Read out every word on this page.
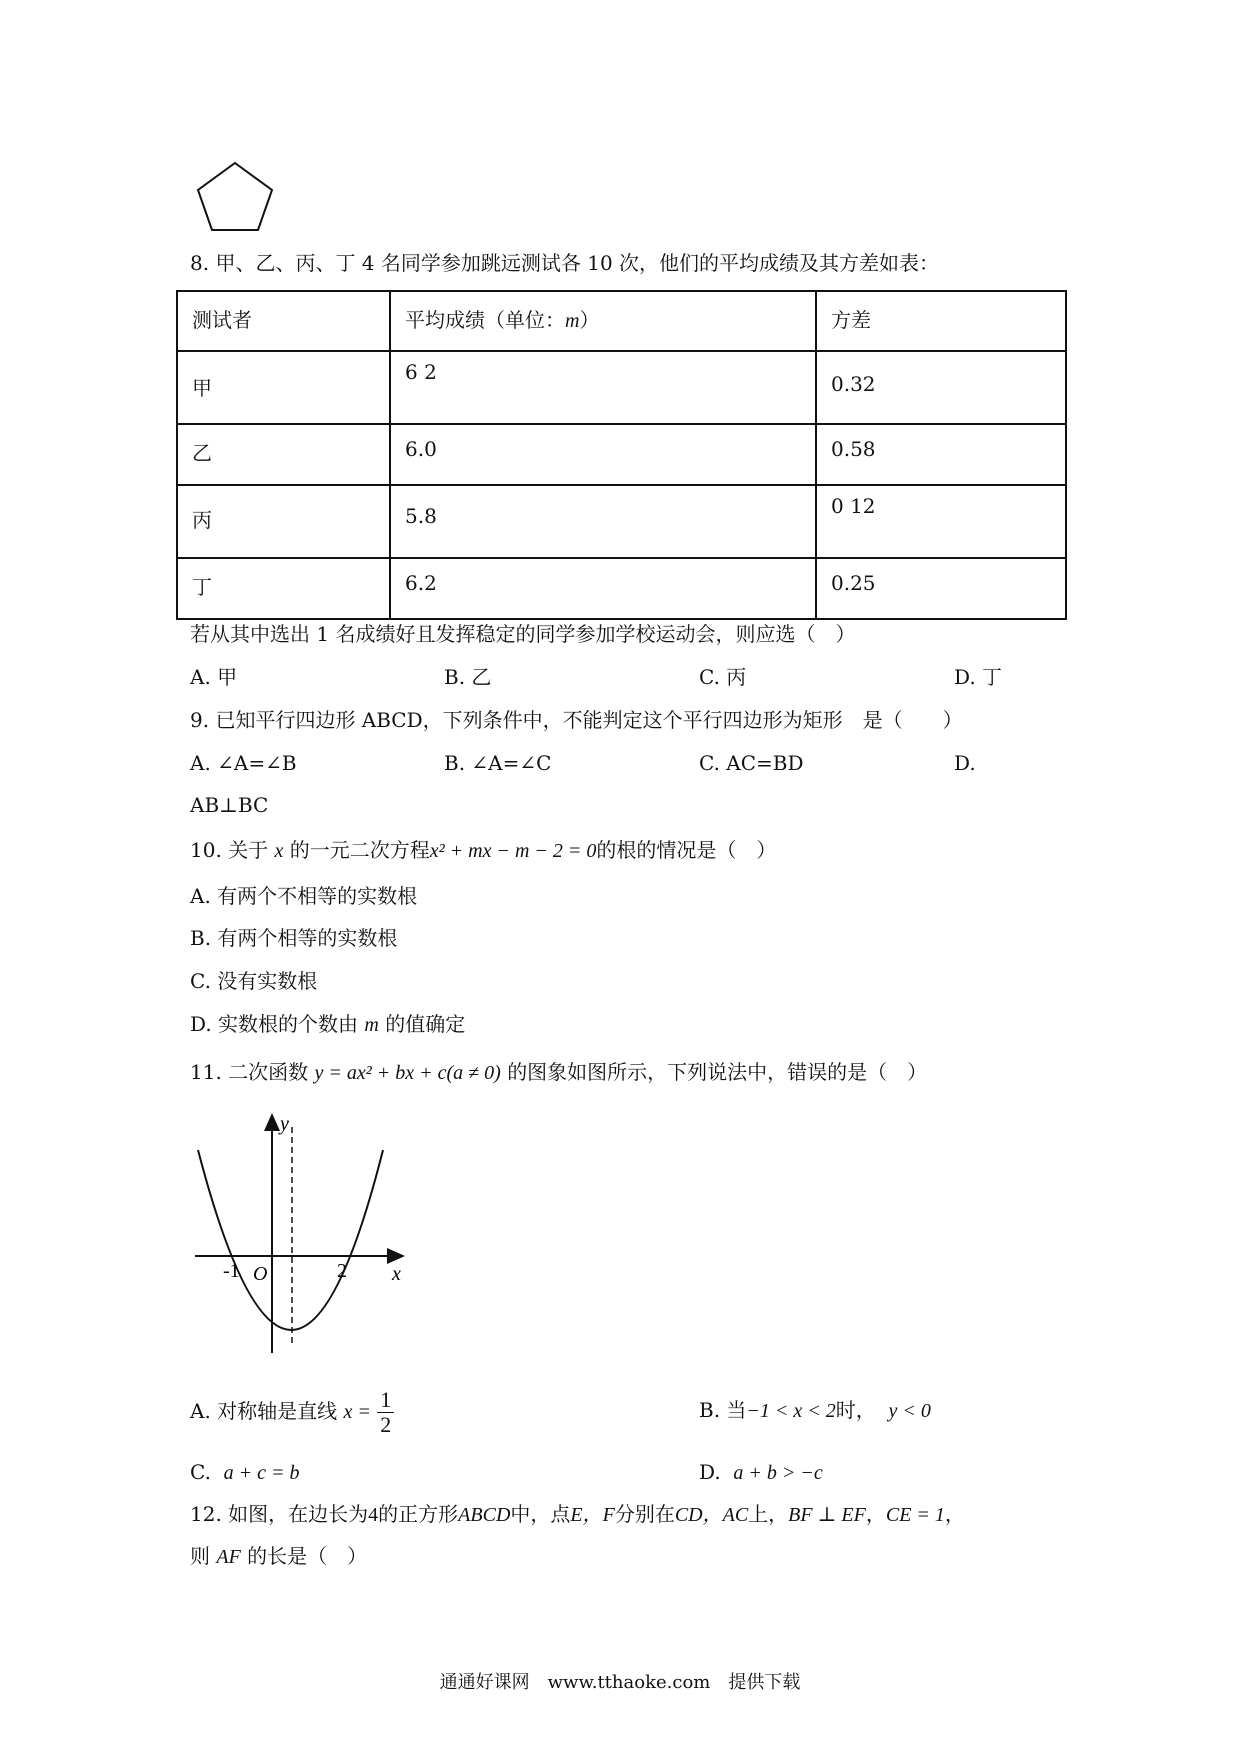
8. 甲、乙、丙、丁 4 名同学参加跳远测试各 10 次，他们的平均成绩及其方差如表：
测试者	平均成绩（单位：m）	方差
甲	6 2	0.32
乙	6.0	0.58
丙	5.8	0 12
丁	6.2	0.25
若从其中选出 1 名成绩好且发挥稳定的同学参加学校运动会，则应选（　）
A. 甲	B. 乙	C. 丙	D. 丁
9. 已知平行四边形 ABCD，下列条件中，不能判定这个平行四边形为矩形　是（　　）
A. ∠A=∠B	B. ∠A=∠C	C. AC=BD	D.
AB⊥BC
10. 关于 x 的一元二次方程x² + mx − m − 2 = 0的根的情况是（　）
A. 有两个不相等的实数根
B. 有两个相等的实数根
C. 没有实数根
D. 实数根的个数由 m 的值确定
11. 二次函数 y = ax² + bx + c(a ≠ 0) 的图象如图所示，下列说法中，错误的是（　）
y
x
O
-1	2
A. 对称轴是直线 $x = \frac{1}{2}$	B. 当−1 < x < 2时， y < 0
C. a + c = b	D. a + b > −c
12. 如图，在边长为4的正方形ABCD中，点E，F分别在CD，AC上，BF ⊥ EF，CE = 1，
则 AF 的长是（　）
通通好课网　www.tthaoke.com　提供下载
